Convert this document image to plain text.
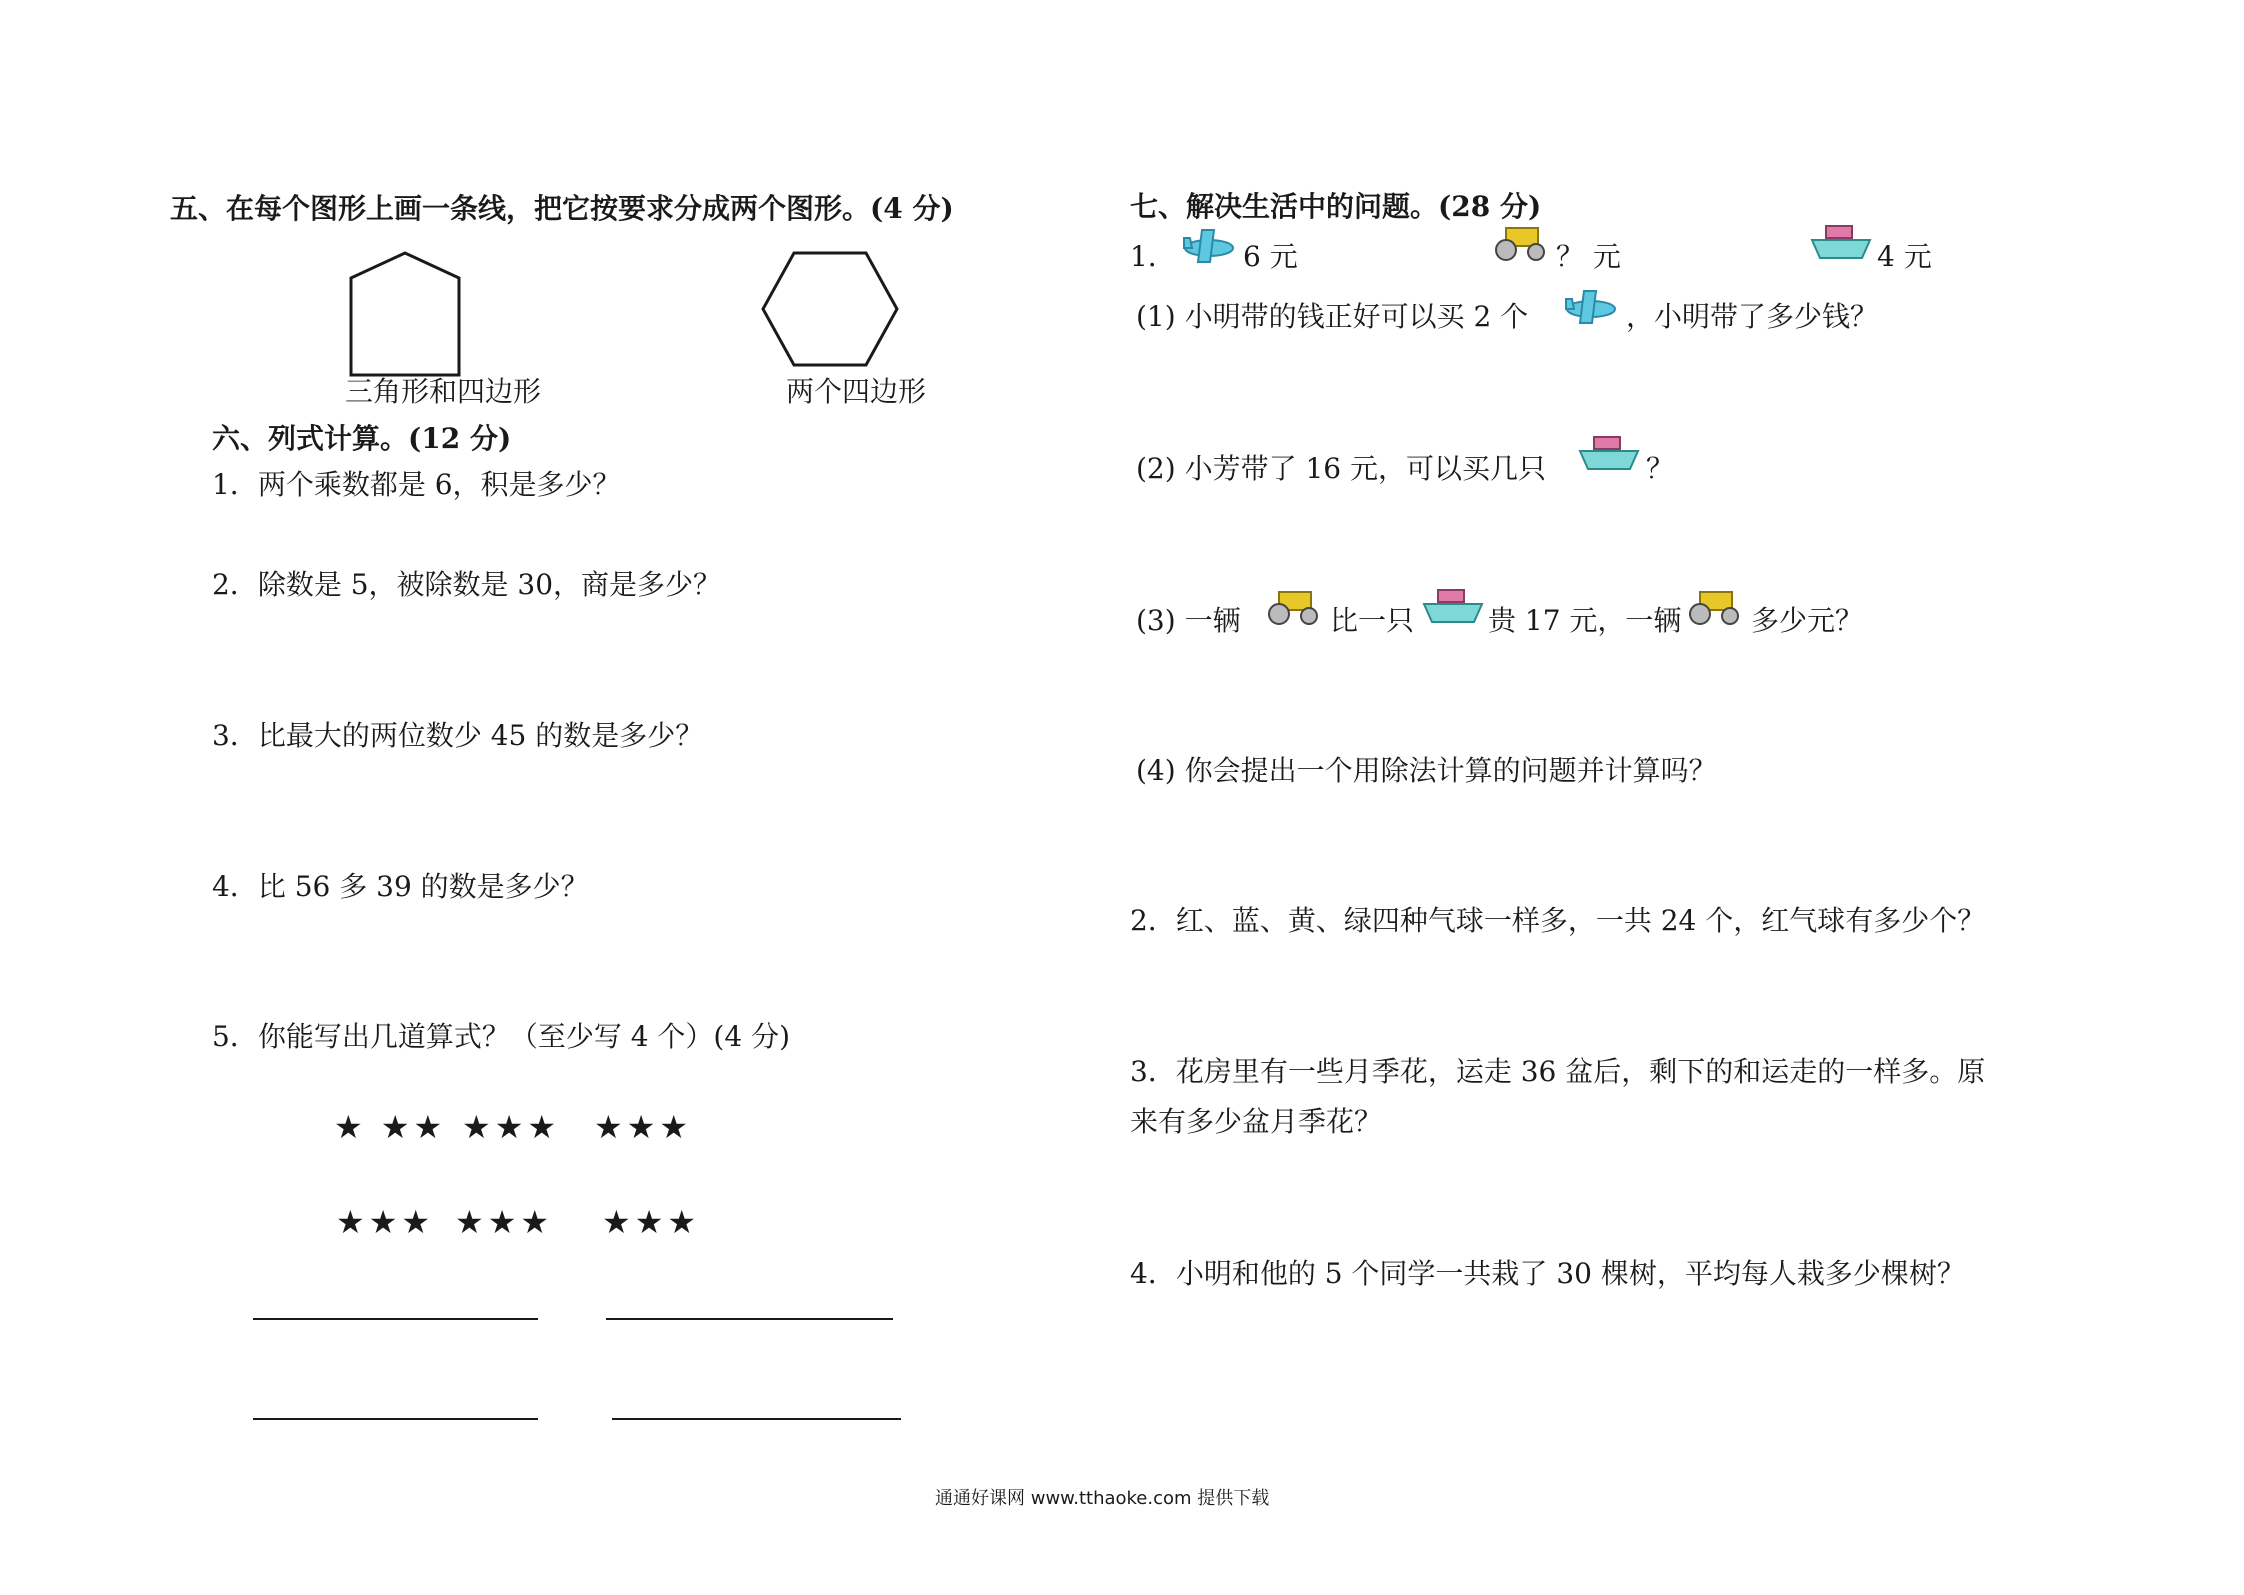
五、在每个图形上画一条线，把它按要求分成两个图形。(4 分)
三角形和四边形	两个四边形
六、列式计算。(12 分)
1．两个乘数都是 6，积是多少？
2．除数是 5，被除数是 30，商是多少？
3．比最大的两位数少 45 的数是多少？
4．比 56 多 39 的数是多少？
5．你能写出几道算式？（至少写 4 个）(4 分)
★ ★★ ★★★ ★★★
★★★ ★★★ ★★★
七、解决生活中的问题。(28 分)
1． 6 元	？ 元	4 元
(1) 小明带的钱正好可以买 2 个	，小明带了多少钱？
(2) 小芳带了 16 元，可以买几只	？
(3) 一辆	比一只	贵 17 元，一辆 多少元？
(4) 你会提出一个用除法计算的问题并计算吗？
2．红、蓝、黄、绿四种气球一样多，一共 24 个，红气球有多少个？
3．花房里有一些月季花，运走 36 盆后，剩下的和运走的一样多。原
来有多少盆月季花？
4．小明和他的 5 个同学一共栽了 30 棵树，平均每人栽多少棵树？
通通好课网 www.tthaoke.com 提供下载
